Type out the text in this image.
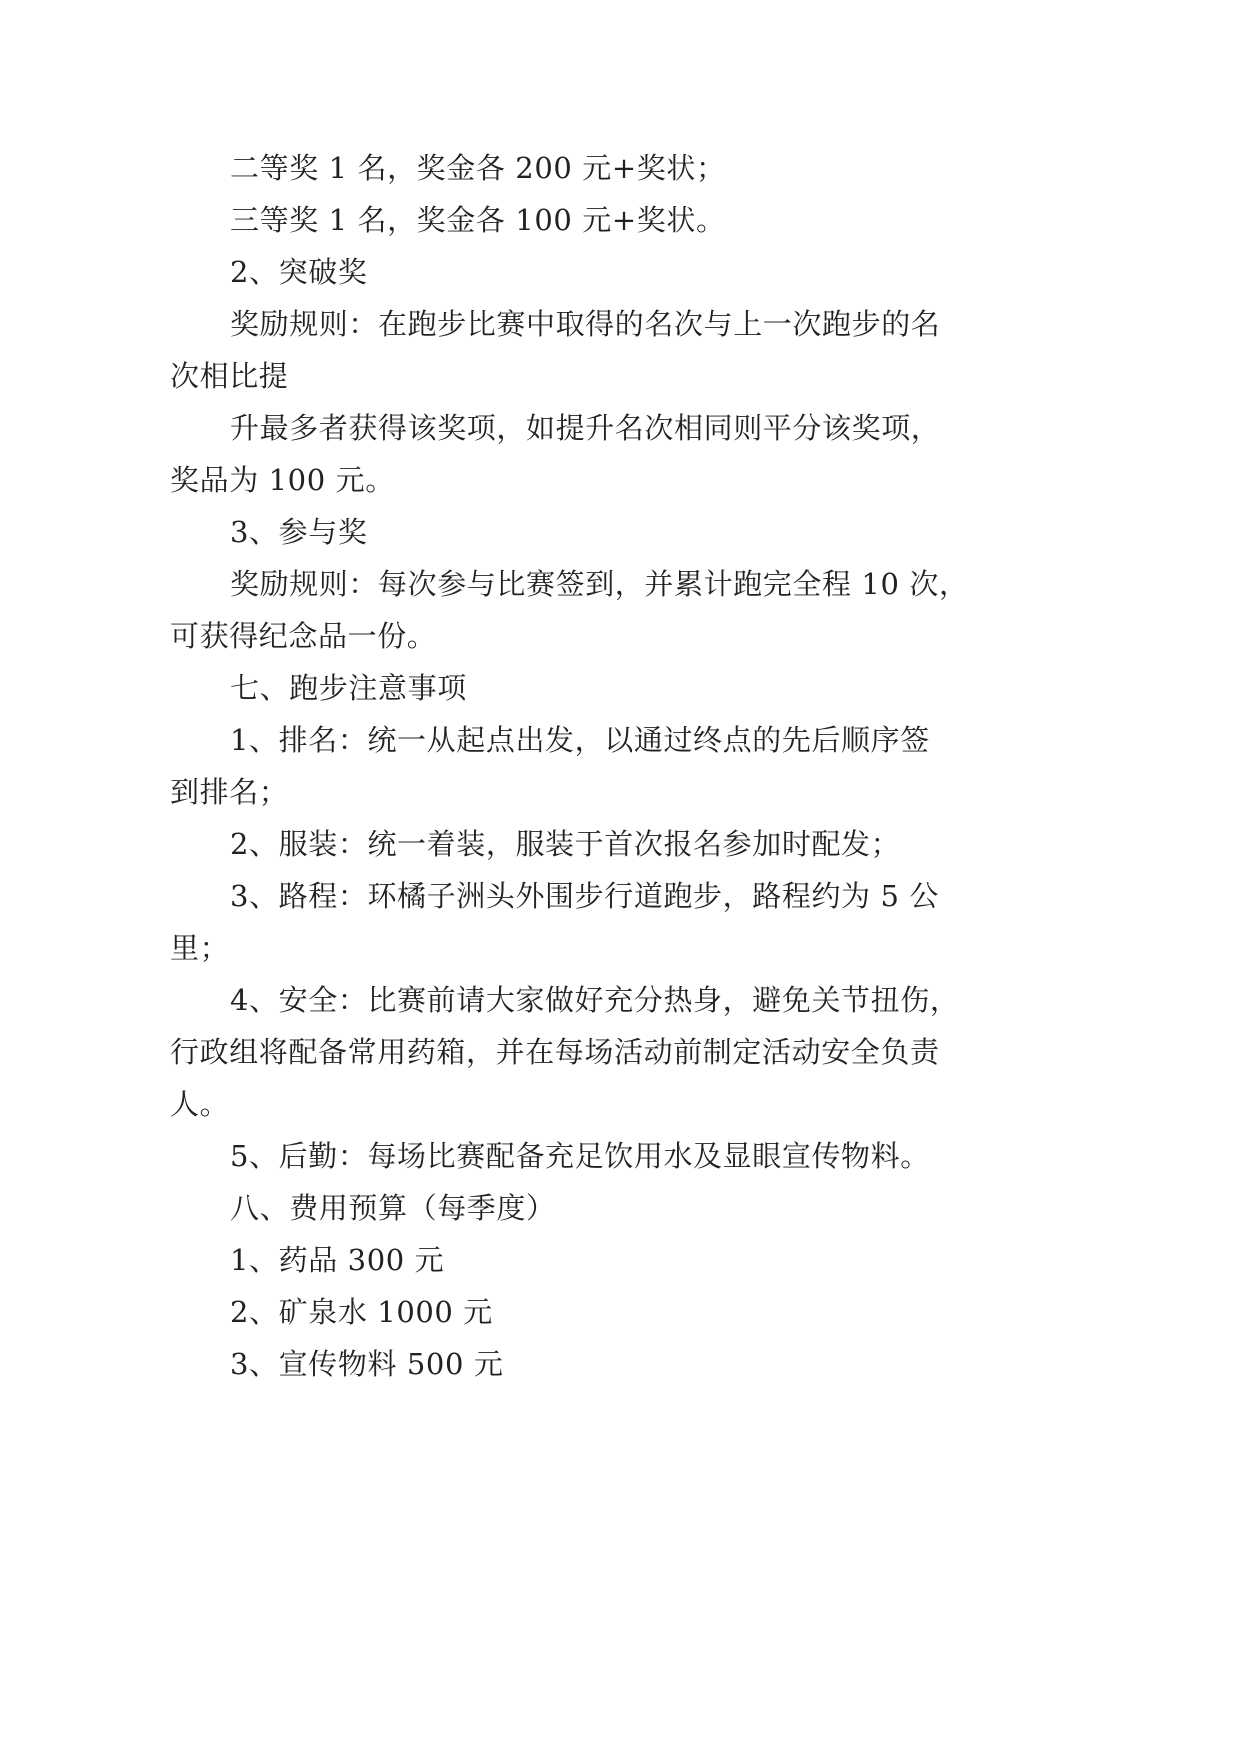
二等奖 1 名，奖金各 200 元+奖状；
三等奖 1 名，奖金各 100 元+奖状。
2、突破奖
奖励规则：在跑步比赛中取得的名次与上一次跑步的名
次相比提
升最多者获得该奖项，如提升名次相同则平分该奖项，
奖品为 100 元。
3、参与奖
奖励规则：每次参与比赛签到，并累计跑完全程 10 次，
可获得纪念品一份。
七、跑步注意事项
1、排名：统一从起点出发，以通过终点的先后顺序签
到排名；
2、服装：统一着装，服装于首次报名参加时配发；
3、路程：环橘子洲头外围步行道跑步，路程约为 5 公
里；
4、安全：比赛前请大家做好充分热身，避免关节扭伤，
行政组将配备常用药箱，并在每场活动前制定活动安全负责
人。
5、后勤：每场比赛配备充足饮用水及显眼宣传物料。
八、费用预算（每季度）
1、药品 300 元
2、矿泉水 1000 元
3、宣传物料 500 元
